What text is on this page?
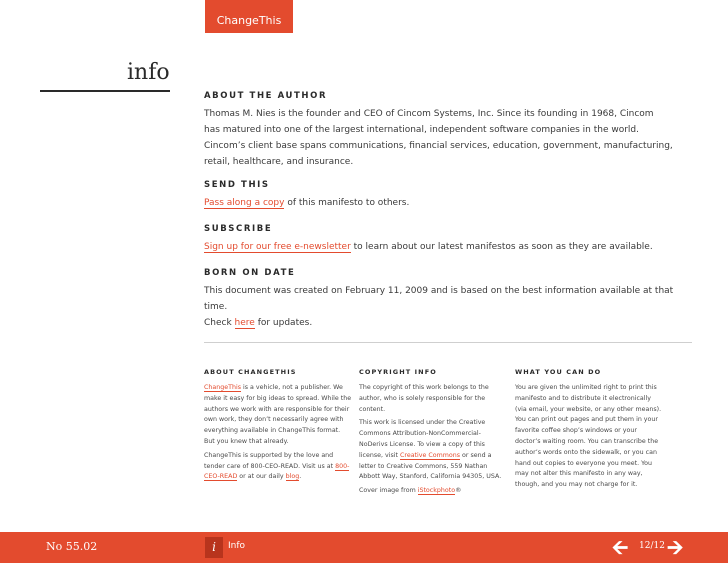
ChangeThis
info
ABOUT THE AUTHOR

Thomas M. Nies is the founder and CEO of Cincom Systems, Inc. Since its founding in 1968, Cincom
has matured into one of the largest international, independent software companies in the world.
Cincom’s client base spans communications, financial services, education, government, manufacturing,
retail, healthcare, and insurance.

SEND THIS

Pass along a copy of this manifesto to others.

SUBSCRIBE

Sign up for our free e-newsletter to learn about our latest manifestos as soon as they are available.

BORN ON DATE

This document was created on February 11, 2009 and is based on the best information available at that time.
Check here for updates.

ABOUT CHANGETHIS

ChangeThis is a vehicle, not a publisher. We make it easy for big ideas to spread. While the authors we work with are responsible for their own work, they don’t necessarily agree with everything available in ChangeThis format. But you knew that already.

ChangeThis is supported by the love and tender care of 800-CEO-READ. Visit us at 800-CEO-READ or at our daily blog.

COPYRIGHT INFO

The copyright of this work belongs to the author, who is solely responsible for the content.

This work is licensed under the Creative Commons Attribution-NonCommercial-NoDerivs License. To view a copy of this license, visit Creative Commons or send a letter to Creative Commons, 559 Nathan Abbott Way, Stanford, California 94305, USA.

Cover image from iStockphoto®

WHAT YOU CAN DO

You are given the unlimited right to print this manifesto and to distribute it electronically (via email, your website, or any other means). You can print out pages and put them in your favorite coffee shop’s windows or your doctor’s waiting room. You can transcribe the author’s words onto the sidewalk, or you can hand out copies to everyone you meet. You may not alter this manifesto in any way, though, and you may not charge for it.

No 55.02	i	Info	🡨 12/12 🡪
